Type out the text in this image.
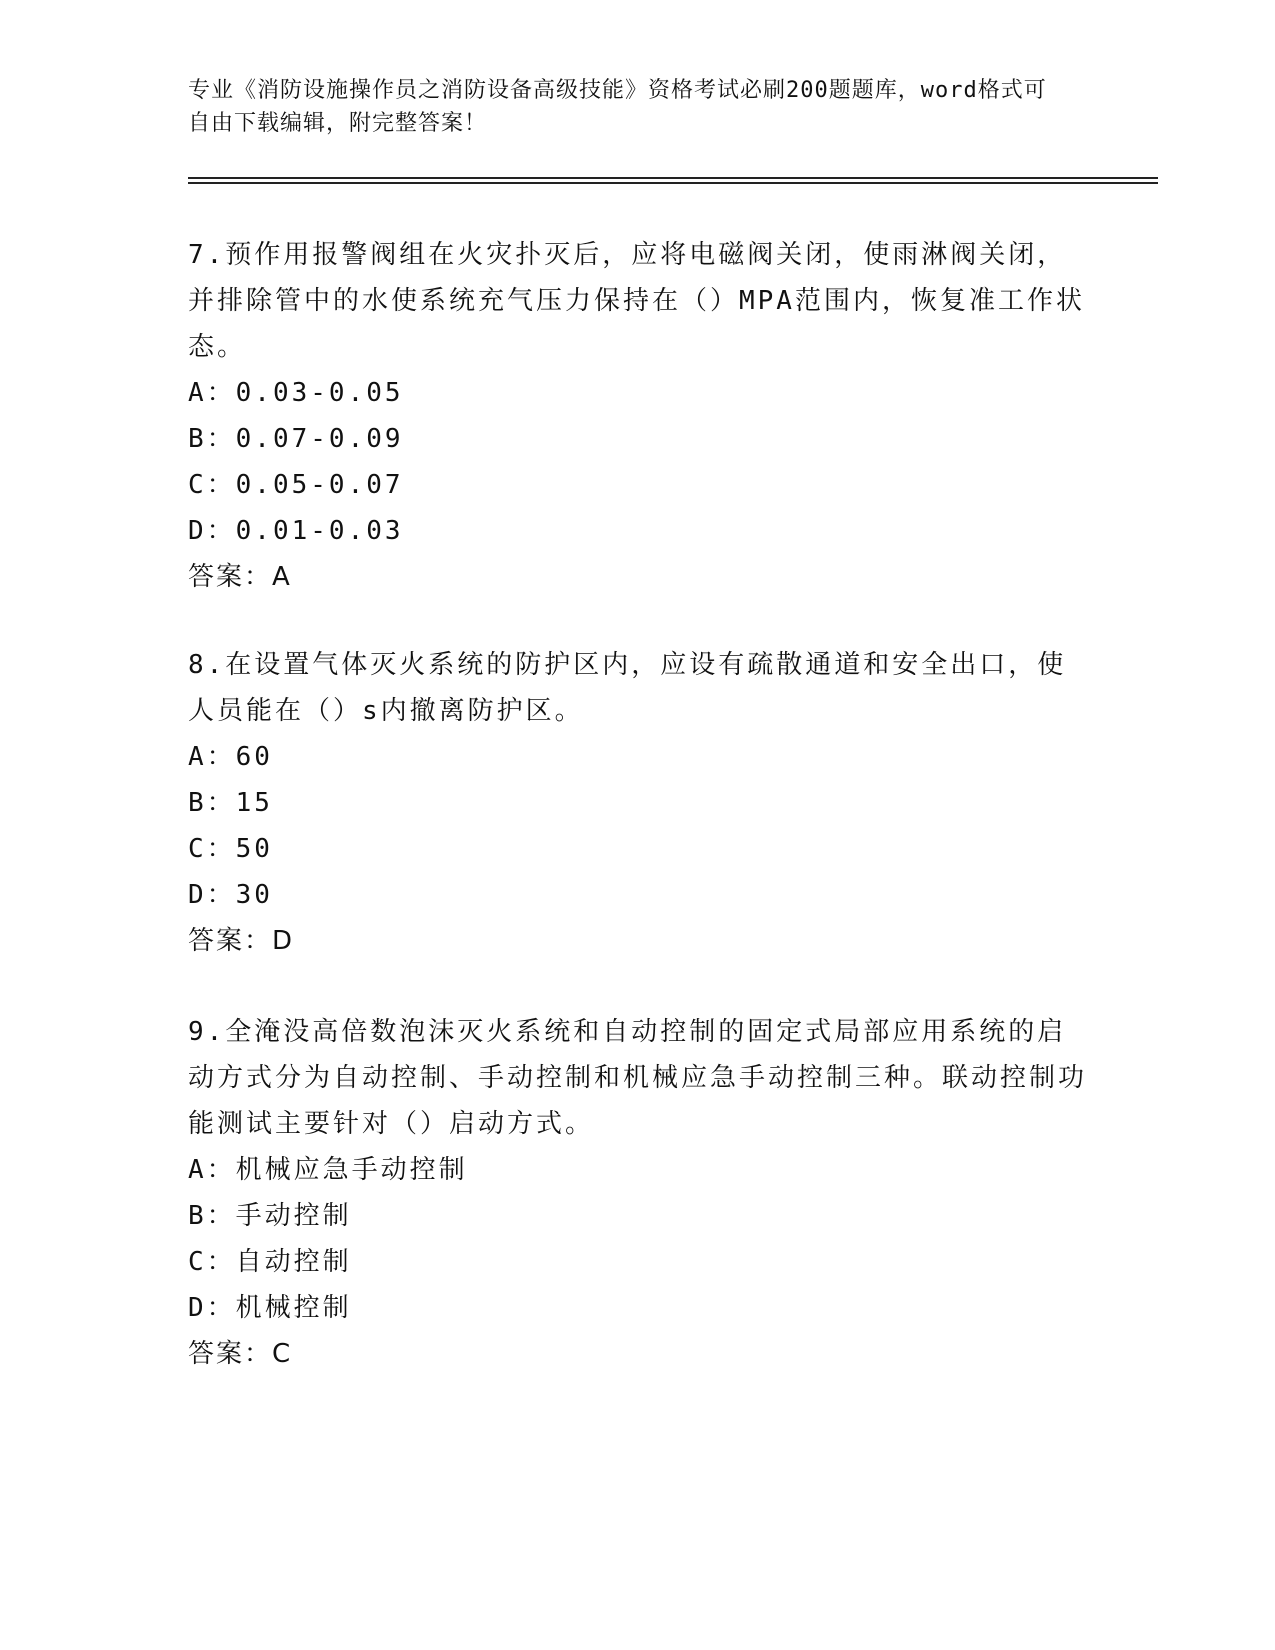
专业《消防设施操作员之消防设备高级技能》资格考试必刷200题题库，word格式可自由下载编辑，附完整答案！

7.预作用报警阀组在火灾扑灭后，应将电磁阀关闭，使雨淋阀关闭，并排除管中的水使系统充气压力保持在（）MPA范围内，恢复准工作状态。

A：0.03-0.05

B：0.07-0.09

C：0.05-0.07

D：0.01-0.03

答案：A

8.在设置气体灭火系统的防护区内，应设有疏散通道和安全出口，使人员能在（）s内撤离防护区。

A：60

B：15

C：50

D：30

答案：D

9.全淹没高倍数泡沫灭火系统和自动控制的固定式局部应用系统的启动方式分为自动控制、手动控制和机械应急手动控制三种。联动控制功能测试主要针对（）启动方式。

A：机械应急手动控制

B：手动控制

C：自动控制

D：机械控制

答案：C
